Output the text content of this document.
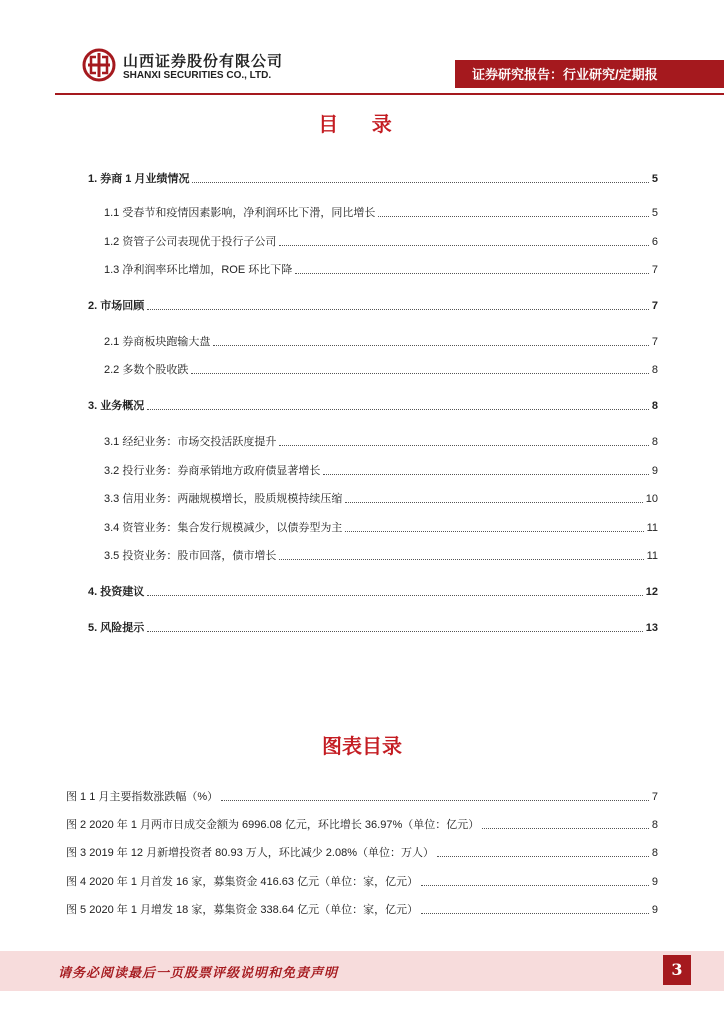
山西证券股份有限公司
SHANXI SECURITIES CO., LTD.	证券研究报告：行业研究/定期报
目 录
1. 券商 1 月业绩情况	5
1.1 受春节和疫情因素影响，净利润环比下滑，同比增长	5
1.2 资管子公司表现优于投行子公司	6
1.3 净利润率环比增加，ROE 环比下降	7
2. 市场回顾	7
2.1 券商板块跑输大盘	7
2.2 多数个股收跌	8
3. 业务概况	8
3.1 经纪业务：市场交投活跃度提升	8
3.2 投行业务：券商承销地方政府债显著增长	9
3.3 信用业务：两融规模增长，股质规模持续压缩	10
3.4 资管业务：集合发行规模减少，以债券型为主	11
3.5 投资业务：股市回落，债市增长	11
4. 投资建议	12
5. 风险提示	13
图表目录
图 1 1 月主要指数涨跌幅（%）	7
图 2 2020 年 1 月两市日成交金额为 6996.08 亿元，环比增长 36.97%（单位：亿元）	8
图 3 2019 年 12 月新增投资者 80.93 万人，环比减少 2.08%（单位：万人）	8
图 4 2020 年 1 月首发 16 家，募集资金 416.63 亿元（单位：家，亿元）	9
图 5 2020 年 1 月增发 18 家，募集资金 338.64 亿元（单位：家，亿元）	9
请务必阅读最后一页股票评级说明和免责声明	3
